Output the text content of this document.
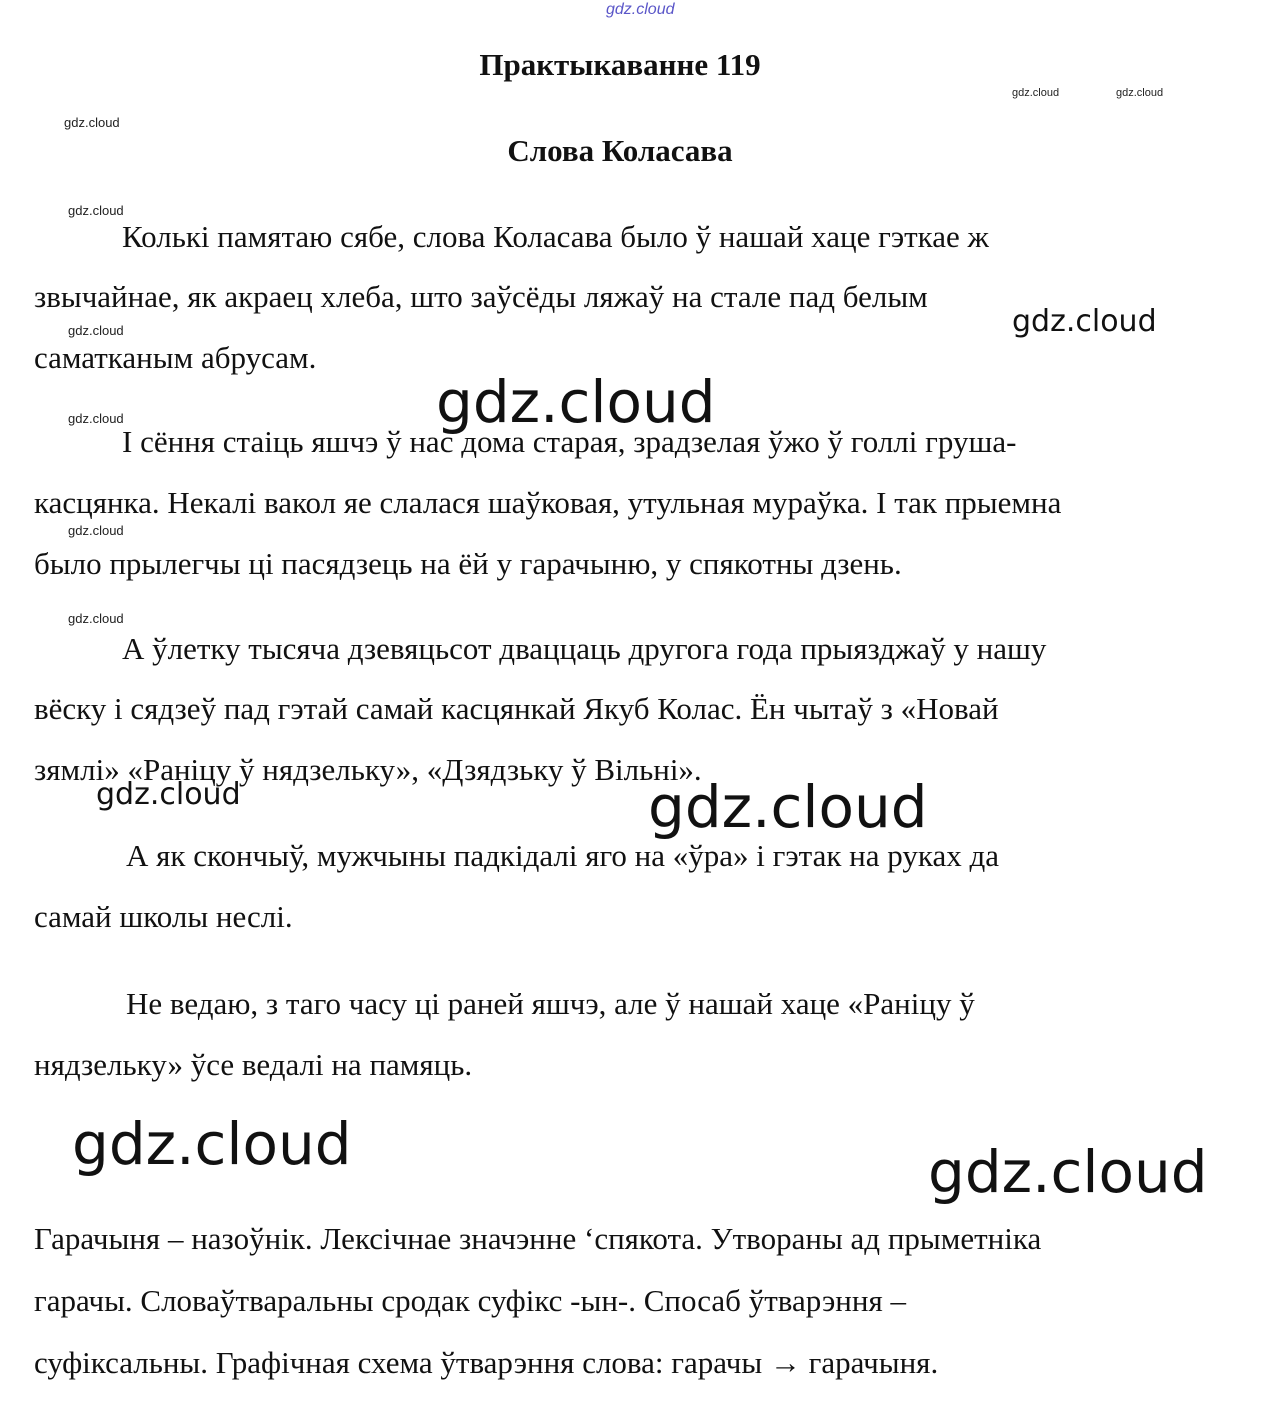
gdz.cloud
gdz.cloud	gdz.cloud
gdz.cloud
gdz.cloud
gdz.cloud
gdz.cloud
gdz.cloud
gdz.cloud
gdz.cloud
gdz.cloud
gdz.cloud
gdz.cloud
gdz.cloud	gdz.cloud
Практыкаванне 119
Слова Коласава
Колькі памятаю сябе, слова Коласава было ў нашай хаце гэткае ж
звычайнае, як акраец хлеба, што заўсёды ляжаў на стале пад белым
саматканым абрусам.
І сёння стаіць яшчэ ў нас дома старая, зрадзелая ўжо ў голлі груша-
касцянка. Некалі вакол яе слалася шаўковая, утульная мураўка. І так прыемна
было прылегчы ці пасядзець на ёй у гарачыню, у спякотны дзень.
А ўлетку тысяча дзевяцьсот дваццаць другога года прыязджаў у нашу
вёску і сядзеў пад гэтай самай касцянкай Якуб Колас. Ён чытаў з «Новай
зямлі» «Раніцу ў нядзельку», «Дзядзьку ў Вільні».
А як скончыў, мужчыны падкідалі яго на «ўра» і гэтак на руках да
самай школы неслі.
Не ведаю, з таго часу ці раней яшчэ, але ў нашай хаце «Раніцу ў
нядзельку» ўсе ведалі на памяць.
Гарачыня – назоўнік. Лексічнае значэнне ‘спякота. Утвораны ад прыметніка
гарачы. Словаўтваральны сродак суфікс -ын-. Спосаб ўтварэння –
суфіксальны. Графічная схема ўтварэння слова: гарачы → гарачыня.
